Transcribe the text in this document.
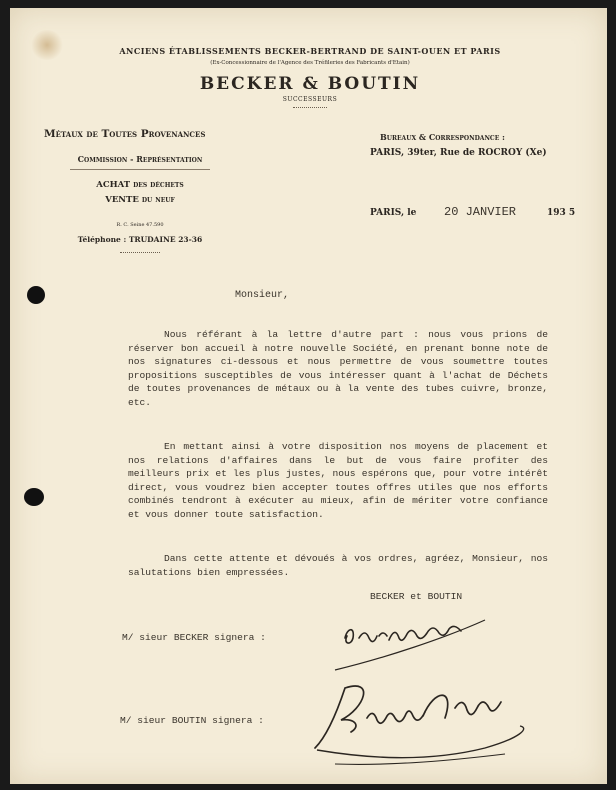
ANCIENS ÉTABLISSEMENTS BECKER-BERTRAND DE SAINT-OUEN ET PARIS
(Ex-Concessionnaire de l'Agence des Tréfileries des Fabricants d'Etain)
BECKER & BOUTIN
SUCCESSEURS
Métaux de Toutes Provenances
Commission - Représentation
ACHAT des déchets
VENTE du neuf
R. C. Seine 47.590
Téléphone : TRUDAINE 23-36
Bureaux & Correspondance :
PARIS, 39ter, Rue de ROCROY (Xe)
PARIS, le 20 JANVIER	193 5
Monsieur,

Nous référant à la lettre d'autre part : nous vous prions de réserver bon accueil à notre nouvelle Société, en prenant bonne note de nos signatures ci-dessous et nous permettre de vous soumettre toutes propositions susceptibles de vous intéresser quant à l'achat de Déchets de toutes provenances de métaux ou à la vente des tubes cuivre, bronze, etc.

En mettant ainsi à votre disposition nos moyens de placement et nos relations d'affaires dans le but de vous faire profiter des meilleurs prix et les plus justes, nous espérons que, pour votre intérêt direct, vous voudrez bien accepter toutes offres utiles que nos efforts combinés tendront à exécuter au mieux, afin de mériter votre confiance et vous donner toute satisfaction.

Dans cette attente et dévoués à vos ordres, agréez, Monsieur, nos salutations bien empressées.

BECKER et BOUTIN
M/ sieur BECKER signera :
M/ sieur BOUTIN signera :
